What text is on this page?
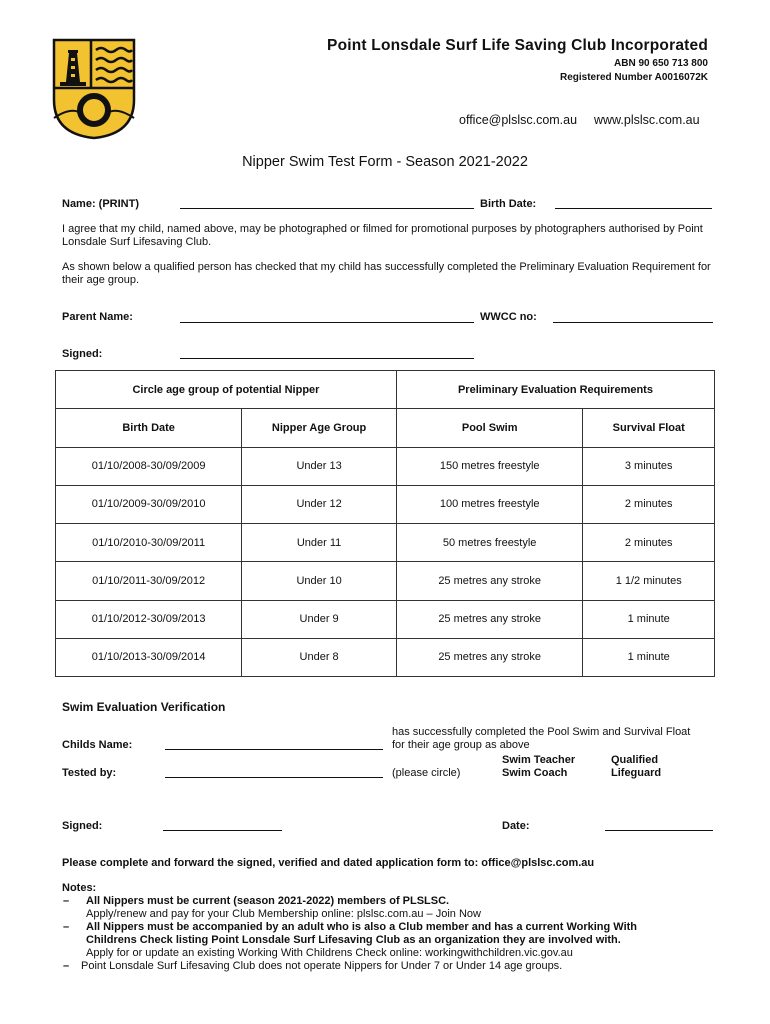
Point Lonsdale Surf Life Saving Club Incorporated
ABN 90 650 713 800
Registered Number A0016072K
office@plslsc.com.au www.plslsc.com.au
Nipper Swim Test Form - Season 2021-2022
Name: (PRINT)	Birth Date:
I agree that my child, named above, may be photographed or filmed for promotional purposes by photographers authorised by Point Lonsdale Surf Lifesaving Club.
As shown below a qualified person has checked that my child has successfully completed the Preliminary Evaluation Requirement for their age group.
Parent Name:	WWCC no:
Signed:
Circle age group of potential Nipper		Preliminary Evaluation Requirements	
Birth Date	Nipper Age Group	Pool Swim	Survival Float
01/10/2008-30/09/2009	Under 13	150 metres freestyle	3 minutes
01/10/2009-30/09/2010	Under 12	100 metres freestyle	2 minutes
01/10/2010-30/09/2011	Under 11	50 metres freestyle	2 minutes
01/10/2011-30/09/2012	Under 10	25 metres any stroke	1 1/2 minutes
01/10/2012-30/09/2013	Under 9	25 metres any stroke	1 minute
01/10/2013-30/09/2014	Under 8	25 metres any stroke	1 minute
Swim Evaluation Verification
has successfully completed the Pool Swim and Survival Float
for their age group as above
Childs Name:
Swim Teacher
Swim Coach
Qualified
Lifeguard
Tested by:	(please circle)
Signed:	Date:
Please complete and forward the signed, verified and dated application form to: office@plslsc.com.au
Notes:
– All Nippers must be current (season 2021-2022) members of PLSLSC.
Apply/renew and pay for your Club Membership online: plslsc.com.au – Join Now
– All Nippers must be accompanied by an adult who is also a Club member and has a current Working With
Childrens Check listing Point Lonsdale Surf Lifesaving Club as an organization they are involved with.
Apply for or update an existing Working With Childrens Check online: workingwithchildren.vic.gov.au
– Point Lonsdale Surf Lifesaving Club does not operate Nippers for Under 7 or Under 14 age groups.
